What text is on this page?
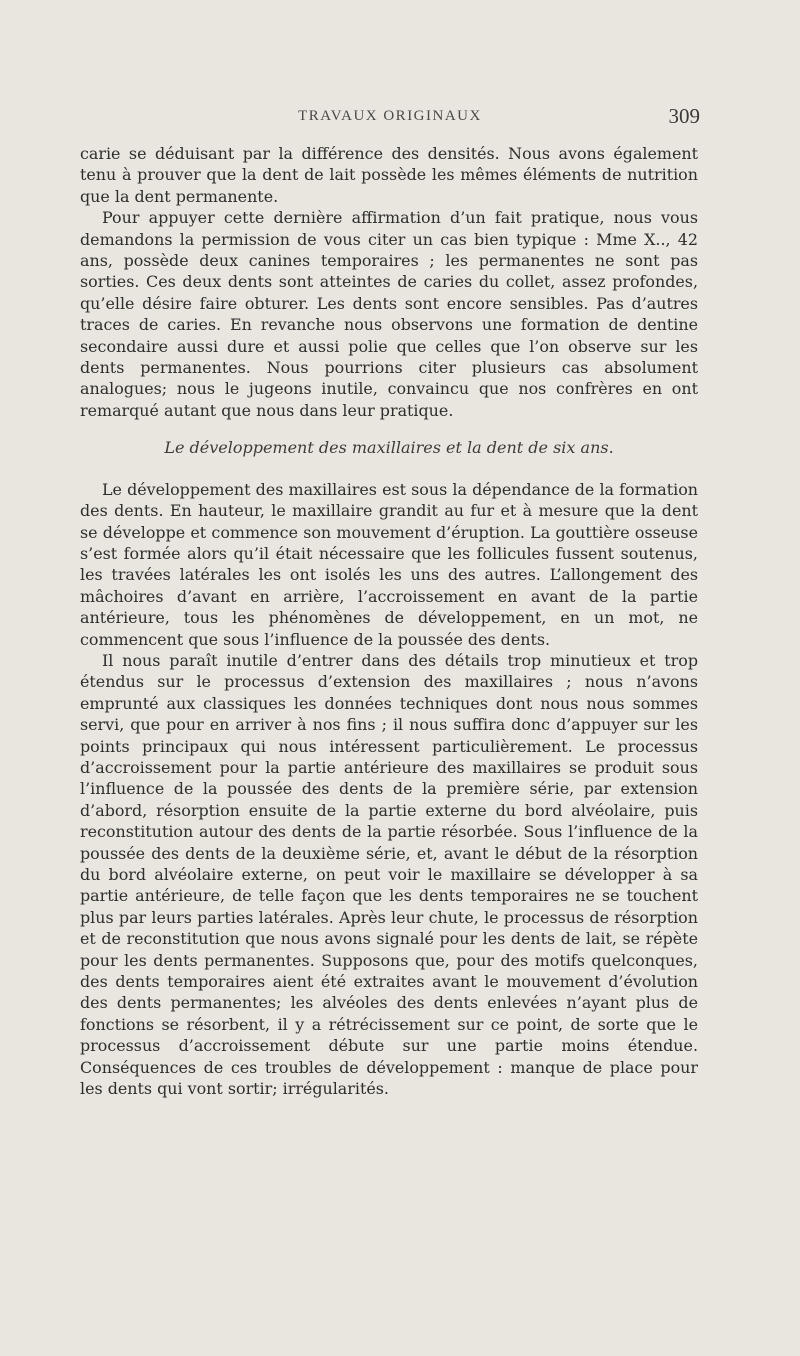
TRAVAUX ORIGINAUX	309

carie se déduisant par la différence des densités. Nous avons également tenu à prouver que la dent de lait possède les mêmes éléments de nutrition que la dent permanente.

Pour appuyer cette dernière affirmation d’un fait pratique, nous vous demandons la permission de vous citer un cas bien typique : Mme X.., 42 ans, possède deux canines temporaires ; les permanentes ne sont pas sorties. Ces deux dents sont atteintes de caries du collet, assez profondes, qu’elle désire faire obturer. Les dents sont encore sensibles. Pas d’autres traces de caries. En revanche nous observons une formation de dentine secondaire aussi dure et aussi polie que celles que l’on observe sur les dents permanentes. Nous pourrions citer plusieurs cas absolument analogues; nous le jugeons inutile, convaincu que nos confrères en ont remarqué autant que nous dans leur pratique.

Le développement des maxillaires et la dent de six ans.

Le développement des maxillaires est sous la dépendance de la formation des dents. En hauteur, le maxillaire grandit au fur et à mesure que la dent se développe et commence son mouvement d’éruption. La gouttière osseuse s’est formée alors qu’il était nécessaire que les follicules fussent soutenus, les travées latérales les ont isolés les uns des autres. L’allongement des mâchoires d’avant en arrière, l’accroissement en avant de la partie antérieure, tous les phénomènes de développement, en un mot, ne commencent que sous l’influence de la poussée des dents.

Il nous paraît inutile d’entrer dans des détails trop minutieux et trop étendus sur le processus d’extension des maxillaires ; nous n’avons emprunté aux classiques les données techniques dont nous nous sommes servi, que pour en arriver à nos fins ; il nous suffira donc d’appuyer sur les points principaux qui nous intéressent particulièrement. Le processus d’accroissement pour la partie antérieure des maxillaires se produit sous l’influence de la poussée des dents de la première série, par extension d’abord, résorption ensuite de la partie externe du bord alvéolaire, puis reconstitution autour des dents de la partie résorbée. Sous l’influence de la poussée des dents de la deuxième série, et, avant le début de la résorption du bord alvéolaire externe, on peut voir le maxillaire se développer à sa partie antérieure, de telle façon que les dents temporaires ne se touchent plus par leurs parties latérales. Après leur chute, le processus de résorption et de reconstitution que nous avons signalé pour les dents de lait, se répète pour les dents permanentes. Supposons que, pour des motifs quelconques, des dents temporaires aient été extraites avant le mouvement d’évolution des dents permanentes; les alvéoles des dents enlevées n’ayant plus de fonctions se résorbent, il y a rétrécissement sur ce point, de sorte que le processus d’accroissement débute sur une partie moins étendue. Conséquences de ces troubles de développement : manque de place pour les dents qui vont sortir; irrégularités.
